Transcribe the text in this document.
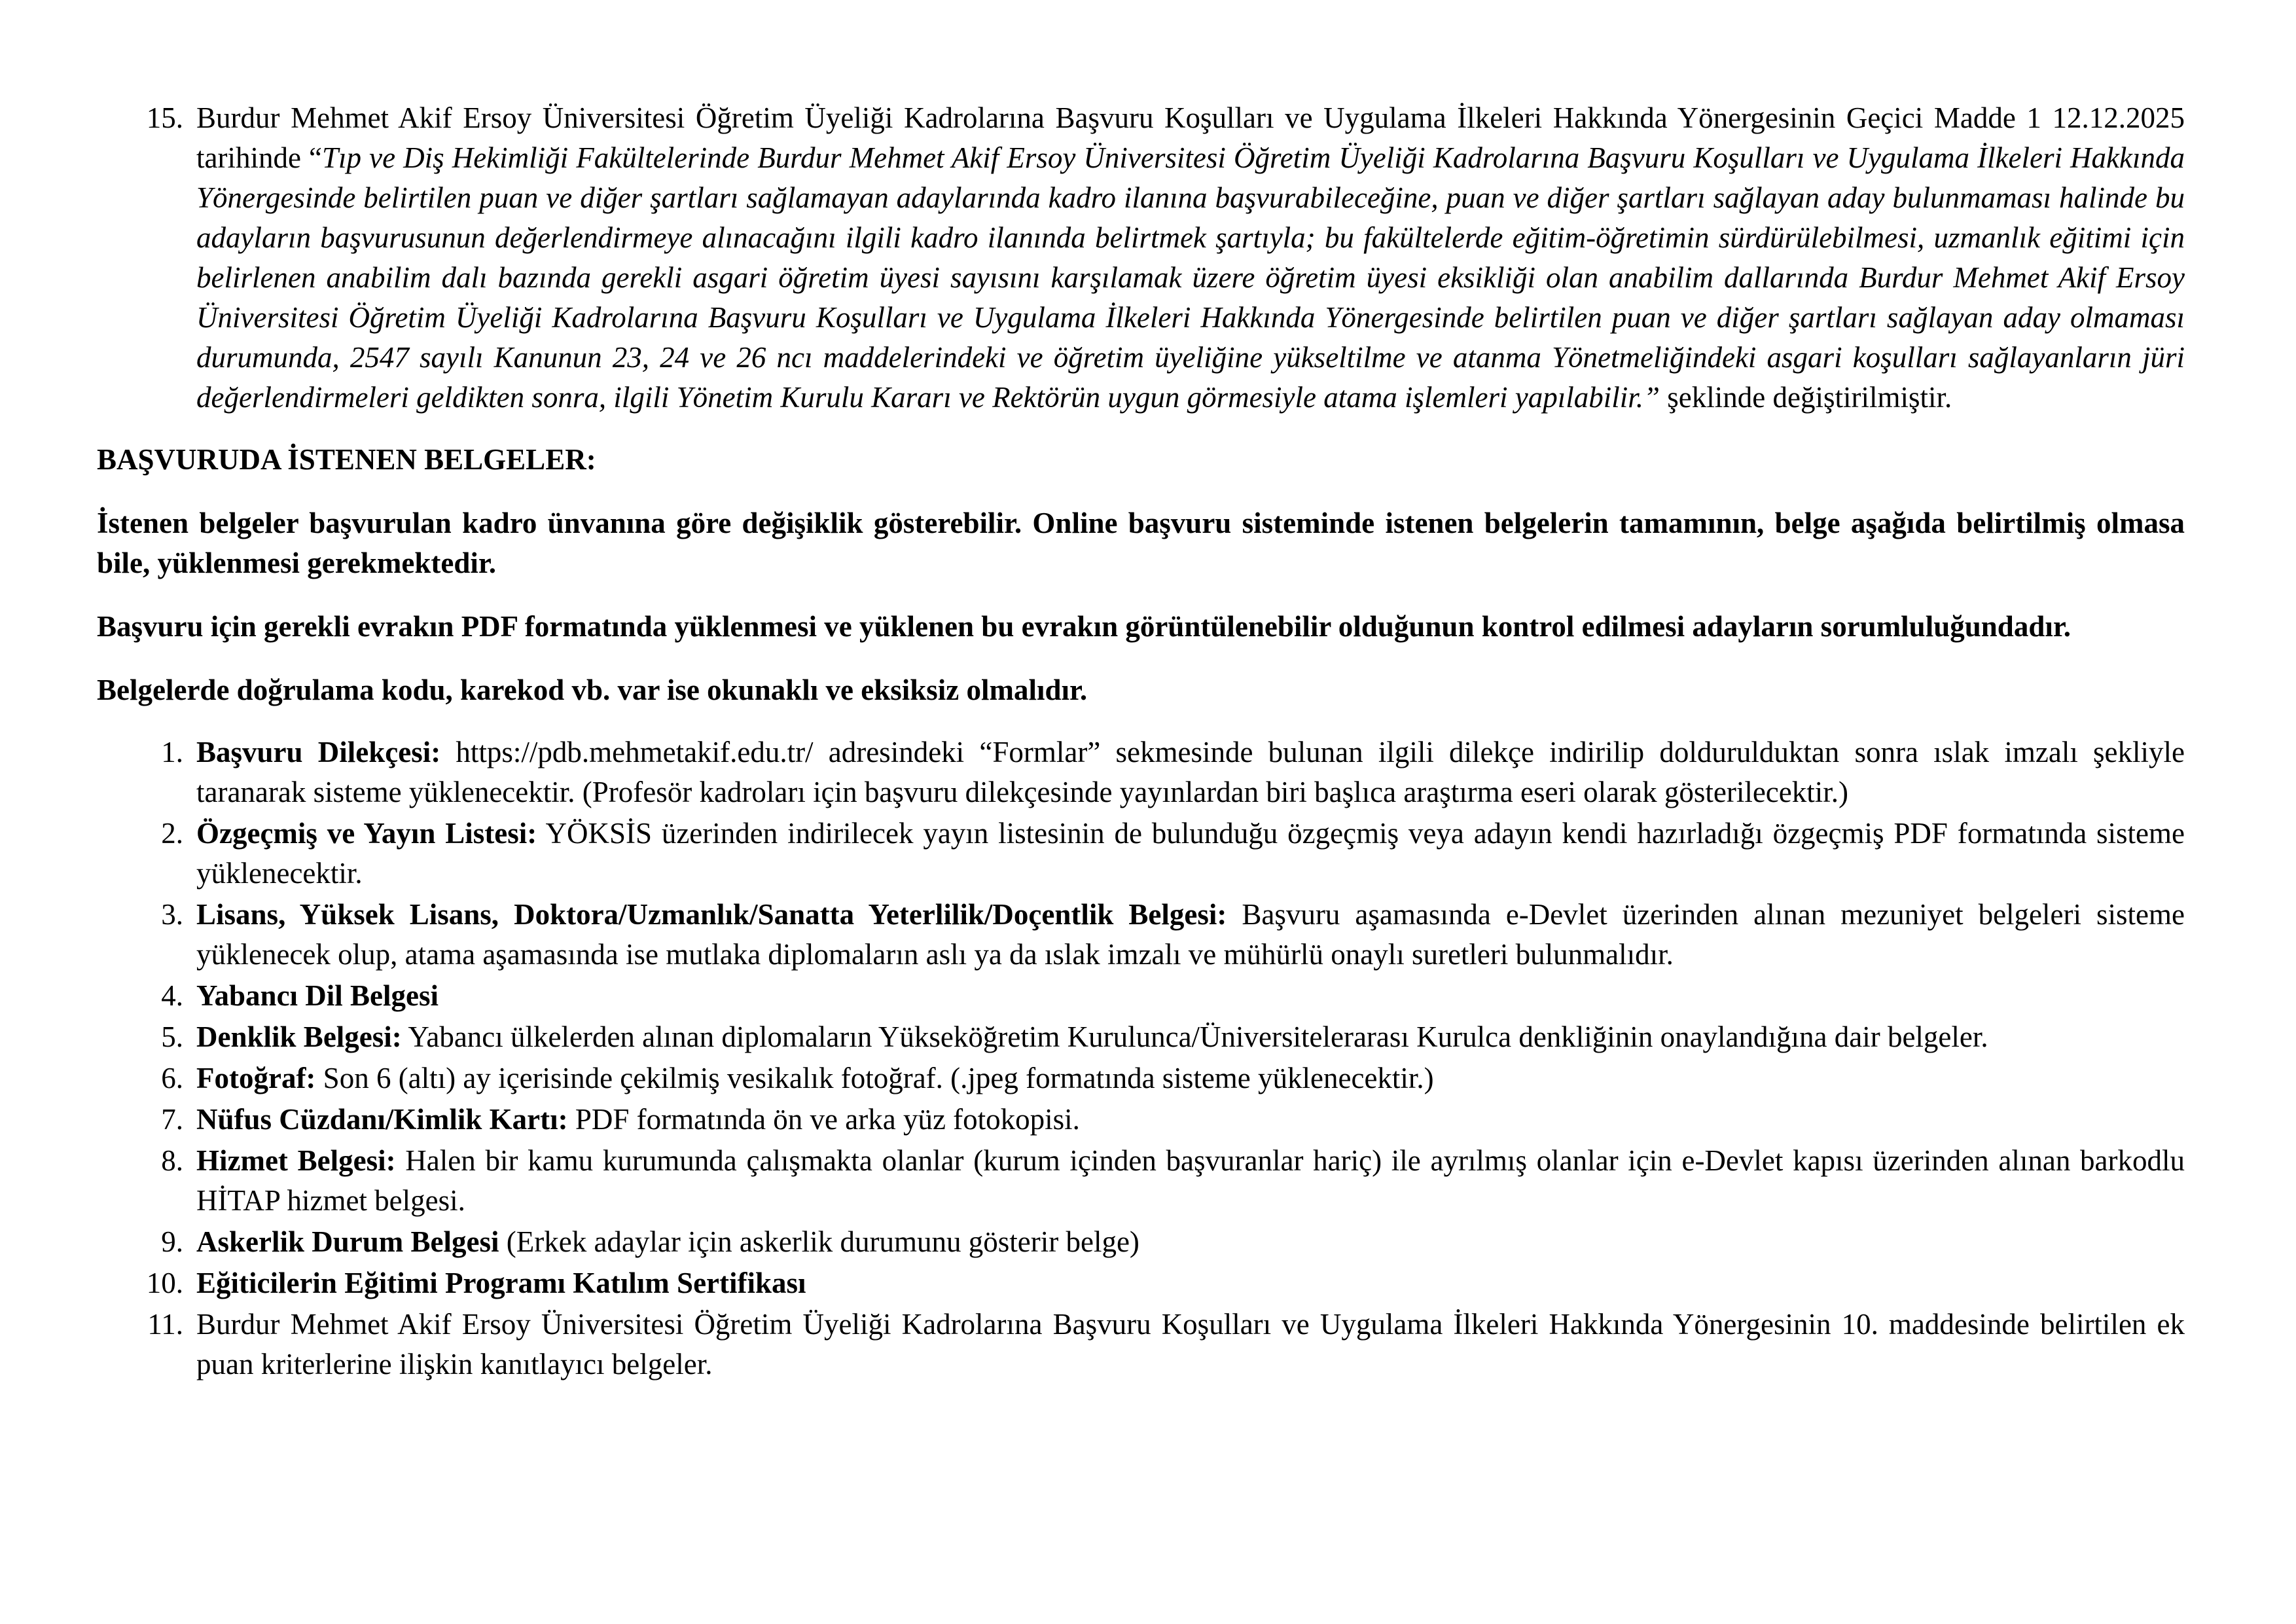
15. Burdur Mehmet Akif Ersoy Üniversitesi Öğretim Üyeliği Kadrolarına Başvuru Koşulları ve Uygulama İlkeleri Hakkında Yönergesinin Geçici Madde 1 12.12.2025 tarihinde “Tıp ve Diş Hekimliği Fakültelerinde Burdur Mehmet Akif Ersoy Üniversitesi Öğretim Üyeliği Kadrolarına Başvuru Koşulları ve Uygulama İlkeleri Hakkında Yönergesinde belirtilen puan ve diğer şartları sağlamayan adaylarında kadro ilanına başvurabileceğine, puan ve diğer şartları sağlayan aday bulunmaması halinde bu adayların başvurusunun değerlendirmeye alınacağını ilgili kadro ilanında belirtmek şartıyla; bu fakültelerde eğitim-öğretimin sürdürülebilmesi, uzmanlık eğitimi için belirlenen anabilim dalı bazında gerekli asgari öğretim üyesi sayısını karşılamak üzere öğretim üyesi eksikliği olan anabilim dallarında Burdur Mehmet Akif Ersoy Üniversitesi Öğretim Üyeliği Kadrolarına Başvuru Koşulları ve Uygulama İlkeleri Hakkında Yönergesinde belirtilen puan ve diğer şartları sağlayan aday olmaması durumunda, 2547 sayılı Kanunun 23, 24 ve 26 ncı maddelerindeki ve öğretim üyeliğine yükseltilme ve atanma Yönetmeliğindeki asgari koşulları sağlayanların jüri değerlendirmeleri geldikten sonra, ilgili Yönetim Kurulu Kararı ve Rektörün uygun görmesiyle atama işlemleri yapılabilir.” şeklinde değiştirilmiştir.
BAŞVURUDA İSTENEN BELGELER:
İstenen belgeler başvurulan kadro ünvanına göre değişiklik gösterebilir. Online başvuru sisteminde istenen belgelerin tamamının, belge aşağıda belirtilmiş olmasa bile, yüklenmesi gerekmektedir.
Başvuru için gerekli evrakın PDF formatında yüklenmesi ve yüklenen bu evrakın görüntülenebilir olduğunun kontrol edilmesi adayların sorumluluğundadır.
Belgelerde doğrulama kodu, karekod vb. var ise okunaklı ve eksiksiz olmalıdır.
1. Başvuru Dilekçesi: https://pdb.mehmetakif.edu.tr/ adresindeki “Formlar” sekmesinde bulunan ilgili dilekçe indirilip doldurulduktan sonra ıslak imzalı şekliyle taranarak sisteme yüklenecektir. (Profesör kadroları için başvuru dilekçesinde yayınlardan biri başlıca araştırma eseri olarak gösterilecektir.)
2. Özgeçmiş ve Yayın Listesi: YÖKSİS üzerinden indirilecek yayın listesinin de bulunduğu özgeçmiş veya adayın kendi hazırladığı özgeçmiş PDF formatında sisteme yüklenecektir.
3. Lisans, Yüksek Lisans, Doktora/Uzmanlık/Sanatta Yeterlilik/Doçentlik Belgesi: Başvuru aşamasında e-Devlet üzerinden alınan mezuniyet belgeleri sisteme yüklenecek olup, atama aşamasında ise mutlaka diplomaların aslı ya da ıslak imzalı ve mühürlü onaylı suretleri bulunmalıdır.
4. Yabancı Dil Belgesi
5. Denklik Belgesi: Yabancı ülkelerden alınan diplomaların Yükseköğretim Kurulunca/Üniversitelerarası Kurulca denkliğinin onaylandığına dair belgeler.
6. Fotoğraf: Son 6 (altı) ay içerisinde çekilmiş vesikalık fotoğraf. (.jpeg formatında sisteme yüklenecektir.)
7. Nüfus Cüzdanı/Kimlik Kartı: PDF formatında ön ve arka yüz fotokopisi.
8. Hizmet Belgesi: Halen bir kamu kurumunda çalışmakta olanlar (kurum içinden başvuranlar hariç) ile ayrılmış olanlar için e-Devlet kapısı üzerinden alınan barkodlu HİTAP hizmet belgesi.
9. Askerlik Durum Belgesi (Erkek adaylar için askerlik durumunu gösterir belge)
10. Eğiticilerin Eğitimi Programı Katılım Sertifikası
11. Burdur Mehmet Akif Ersoy Üniversitesi Öğretim Üyeliği Kadrolarına Başvuru Koşulları ve Uygulama İlkeleri Hakkında Yönergesinin 10. maddesinde belirtilen ek puan kriterlerine ilişkin kanıtlayıcı belgeler.
